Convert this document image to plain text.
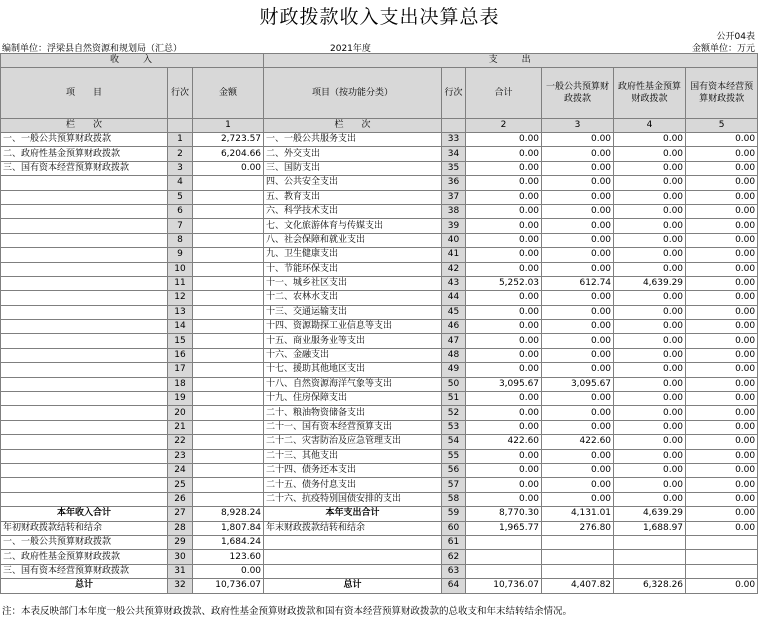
财政拨款收入支出决算总表
公开04表
编制单位：浮梁县自然资源和规划局（汇总）	2021年度	金额单位：万元
收　　入			支　　出					
项　　目	行次	金额	项目（按功能分类）	行次	合计	一般公共预算财政拨款	政府性基金预算财政拨款	国有资本经营预算财政拨款
栏　　次		1	栏　　次		2	3	4	5
一、一般公共预算财政拨款	1	2,723.57	一、一般公共服务支出	33	0.00	0.00	0.00	0.00
二、政府性基金预算财政拨款	2	6,204.66	二、外交支出	34	0.00	0.00	0.00	0.00
三、国有资本经营预算财政拨款	3	0.00	三、国防支出	35	0.00	0.00	0.00	0.00
	4		四、公共安全支出	36	0.00	0.00	0.00	0.00
	5		五、教育支出	37	0.00	0.00	0.00	0.00
	6		六、科学技术支出	38	0.00	0.00	0.00	0.00
	7		七、文化旅游体育与传媒支出	39	0.00	0.00	0.00	0.00
	8		八、社会保障和就业支出	40	0.00	0.00	0.00	0.00
	9		九、卫生健康支出	41	0.00	0.00	0.00	0.00
	10		十、节能环保支出	42	0.00	0.00	0.00	0.00
	11		十一、城乡社区支出	43	5,252.03	612.74	4,639.29	0.00
	12		十二、农林水支出	44	0.00	0.00	0.00	0.00
	13		十三、交通运输支出	45	0.00	0.00	0.00	0.00
	14		十四、资源勘探工业信息等支出	46	0.00	0.00	0.00	0.00
	15		十五、商业服务业等支出	47	0.00	0.00	0.00	0.00
	16		十六、金融支出	48	0.00	0.00	0.00	0.00
	17		十七、援助其他地区支出	49	0.00	0.00	0.00	0.00
	18		十八、自然资源海洋气象等支出	50	3,095.67	3,095.67	0.00	0.00
	19		十九、住房保障支出	51	0.00	0.00	0.00	0.00
	20		二十、粮油物资储备支出	52	0.00	0.00	0.00	0.00
	21		二十一、国有资本经营预算支出	53	0.00	0.00	0.00	0.00
	22		二十二、灾害防治及应急管理支出	54	422.60	422.60	0.00	0.00
	23		二十三、其他支出	55	0.00	0.00	0.00	0.00
	24		二十四、债务还本支出	56	0.00	0.00	0.00	0.00
	25		二十五、债务付息支出	57	0.00	0.00	0.00	0.00
	26		二十六、抗疫特别国债安排的支出	58	0.00	0.00	0.00	0.00
本年收入合计	27	8,928.24	本年支出合计	59	8,770.30	4,131.01	4,639.29	0.00
年初财政拨款结转和结余	28	1,807.84	年末财政拨款结转和结余	60	1,965.77	276.80	1,688.97	0.00
一、一般公共预算财政拨款	29	1,684.24		61				
二、政府性基金预算财政拨款	30	123.60		62				
三、国有资本经营预算财政拨款	31	0.00		63				
总计	32	10,736.07	总计	64	10,736.07	4,407.82	6,328.26	0.00
注：本表反映部门本年度一般公共预算财政拨款、政府性基金预算财政拨款和国有资本经营预算财政拨款的总收支和年末结转结余情况。
